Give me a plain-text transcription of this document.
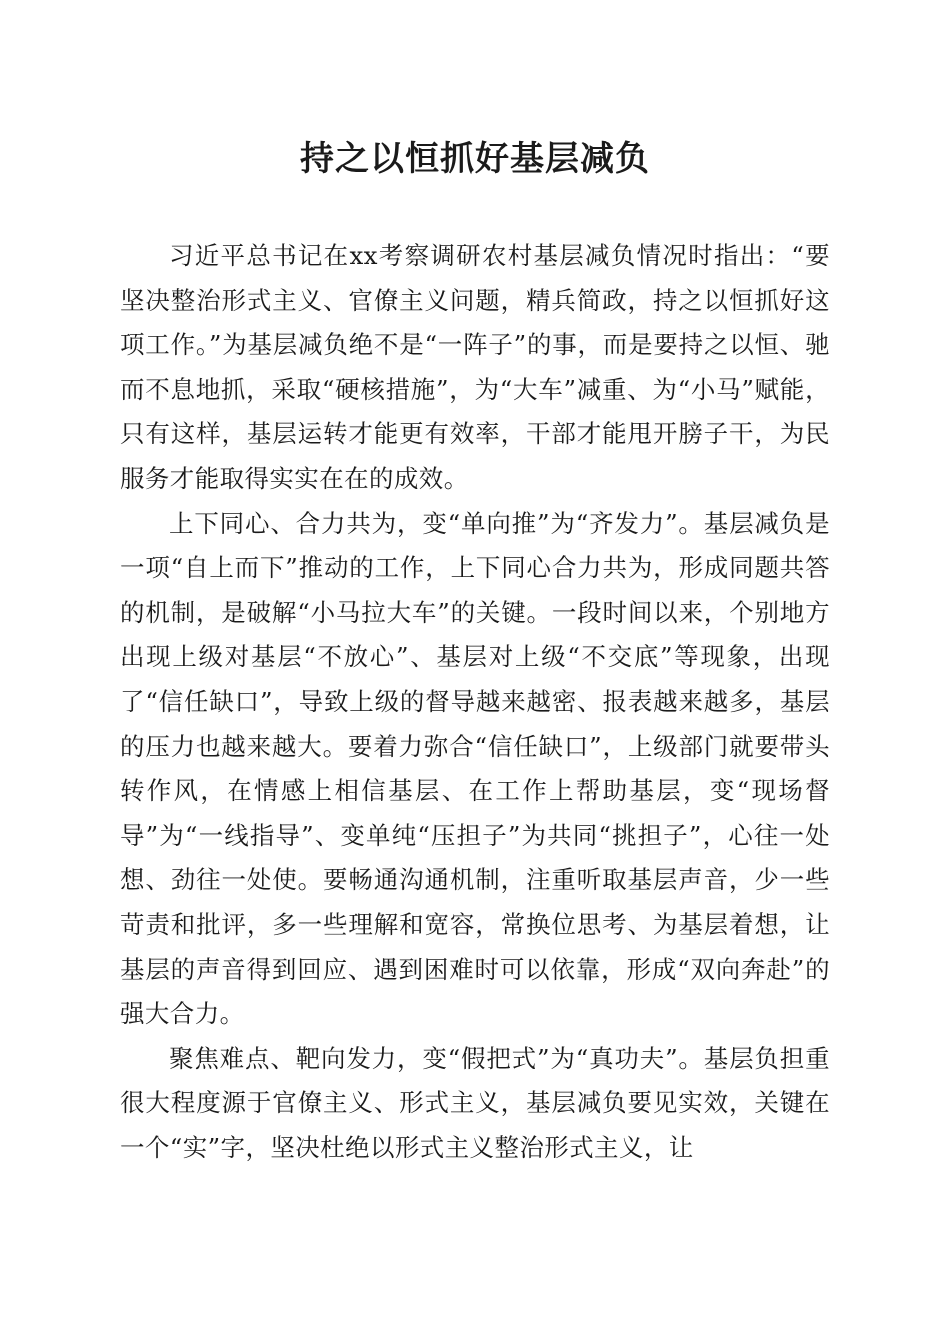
持之以恒抓好基层减负

习近平总书记在xx考察调研农村基层减负情况时指出：“要坚决整治形式主义、官僚主义问题，精兵简政，持之以恒抓好这项工作。”为基层减负绝不是“一阵子”的事，而是要持之以恒、驰而不息地抓，采取“硬核措施”，为“大车”减重、为“小马”赋能，只有这样，基层运转才能更有效率，干部才能甩开膀子干，为民服务才能取得实实在在的成效。

上下同心、合力共为，变“单向推”为“齐发力”。基层减负是一项“自上而下”推动的工作，上下同心合力共为，形成同题共答的机制，是破解“小马拉大车”的关键。一段时间以来，个别地方出现上级对基层“不放心”、基层对上级“不交底”等现象，出现了“信任缺口”，导致上级的督导越来越密、报表越来越多，基层的压力也越来越大。要着力弥合“信任缺口”，上级部门就要带头转作风，在情感上相信基层、在工作上帮助基层，变“现场督导”为“一线指导”、变单纯“压担子”为共同“挑担子”，心往一处想、劲往一处使。要畅通沟通机制，注重听取基层声音，少一些苛责和批评，多一些理解和宽容，常换位思考、为基层着想，让基层的声音得到回应、遇到困难时可以依靠，形成“双向奔赴”的强大合力。

聚焦难点、靶向发力，变“假把式”为“真功夫”。基层负担重很大程度源于官僚主义、形式主义，基层减负要见实效，关键在一个“实”字，坚决杜绝以形式主义整治形式主义，让
